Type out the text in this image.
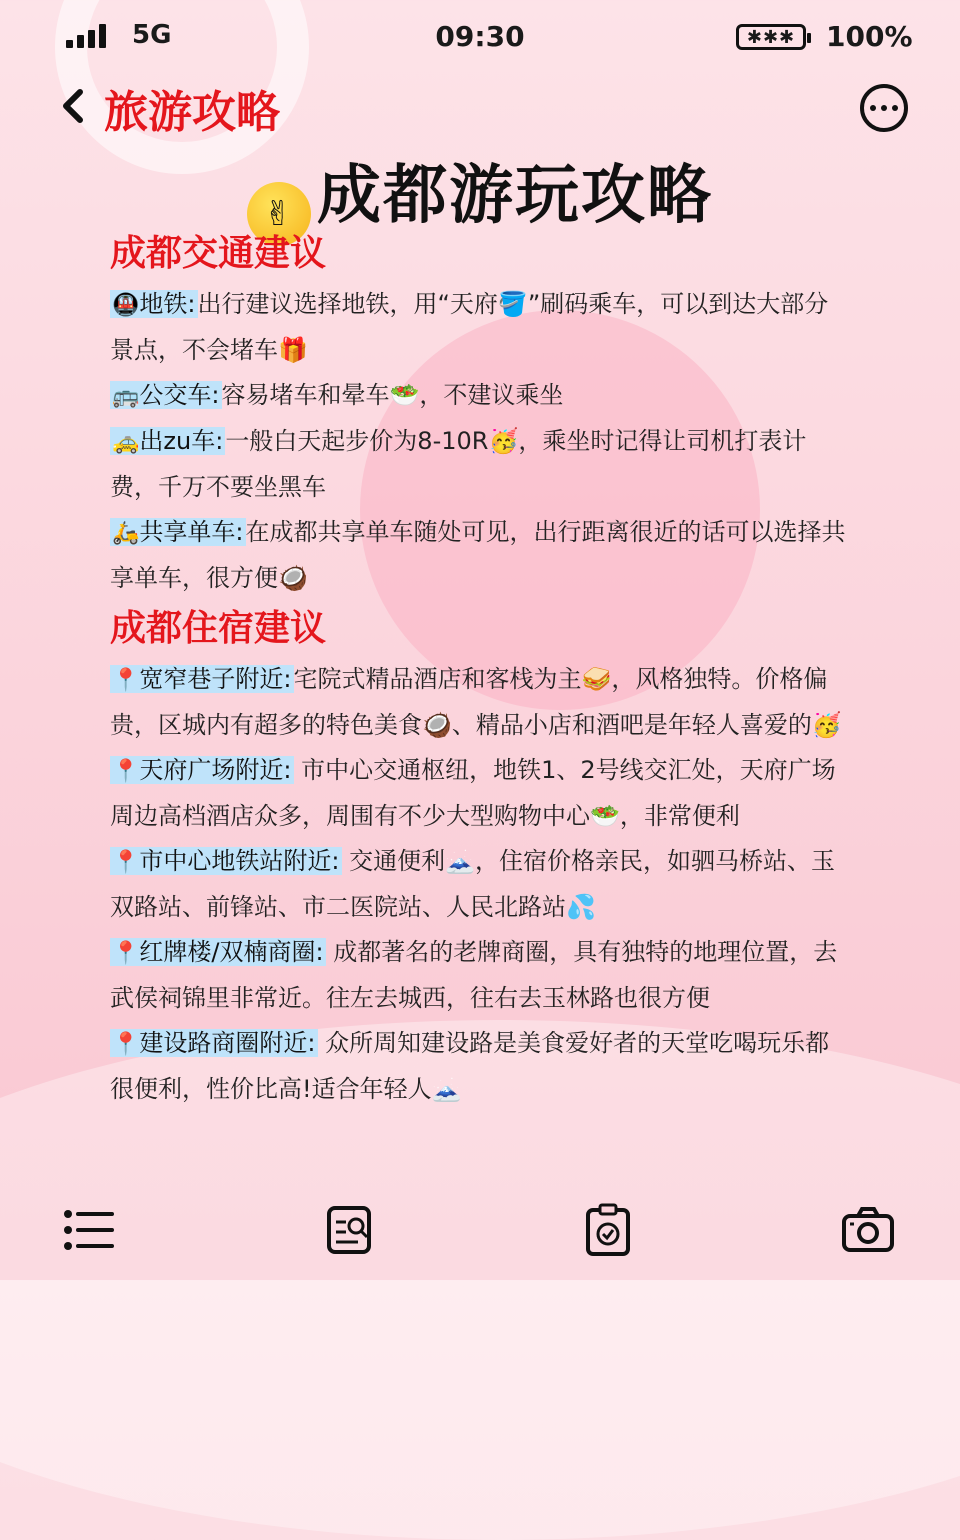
5G	09:30	✱✱✱	100%
旅游攻略
✌ 成都游玩攻略
成都交通建议

🚇地铁:出行建议选择地铁，用“天府🪣”刷码乘车，可以到达大部分景点，不会堵车🎁

🚌公交车:容易堵车和晕车🥗，不建议乘坐

🚕出zu车:一般白天起步价为8-10R🥳，乘坐时记得让司机打表计费，千万不要坐黑车

🛵共享单车:在成都共享单车随处可见，出行距离很近的话可以选择共享单车，很方便🥥

成都住宿建议

📍宽窄巷子附近:宅院式精品酒店和客栈为主🥪，风格独特。价格偏贵，区城内有超多的特色美食🥥、精品小店和酒吧是年轻人喜爱的🥳

📍天府广场附近: 市中心交通枢纽，地铁1、2号线交汇处，天府广场周边高档酒店众多，周围有不少大型购物中心🥗，非常便利

📍市中心地铁站附近: 交通便利🗻，住宿价格亲民，如驷马桥站、玉双路站、前锋站、市二医院站、人民北路站💦

📍红牌楼/双楠商圈: 成都著名的老牌商圈，具有独特的地理位置，去武侯祠锦里非常近。往左去城西，往右去玉林路也很方便

📍建设路商圈附近: 众所周知建设路是美食爱好者的天堂吃喝玩乐都很便利，性价比高!适合年轻人🗻
